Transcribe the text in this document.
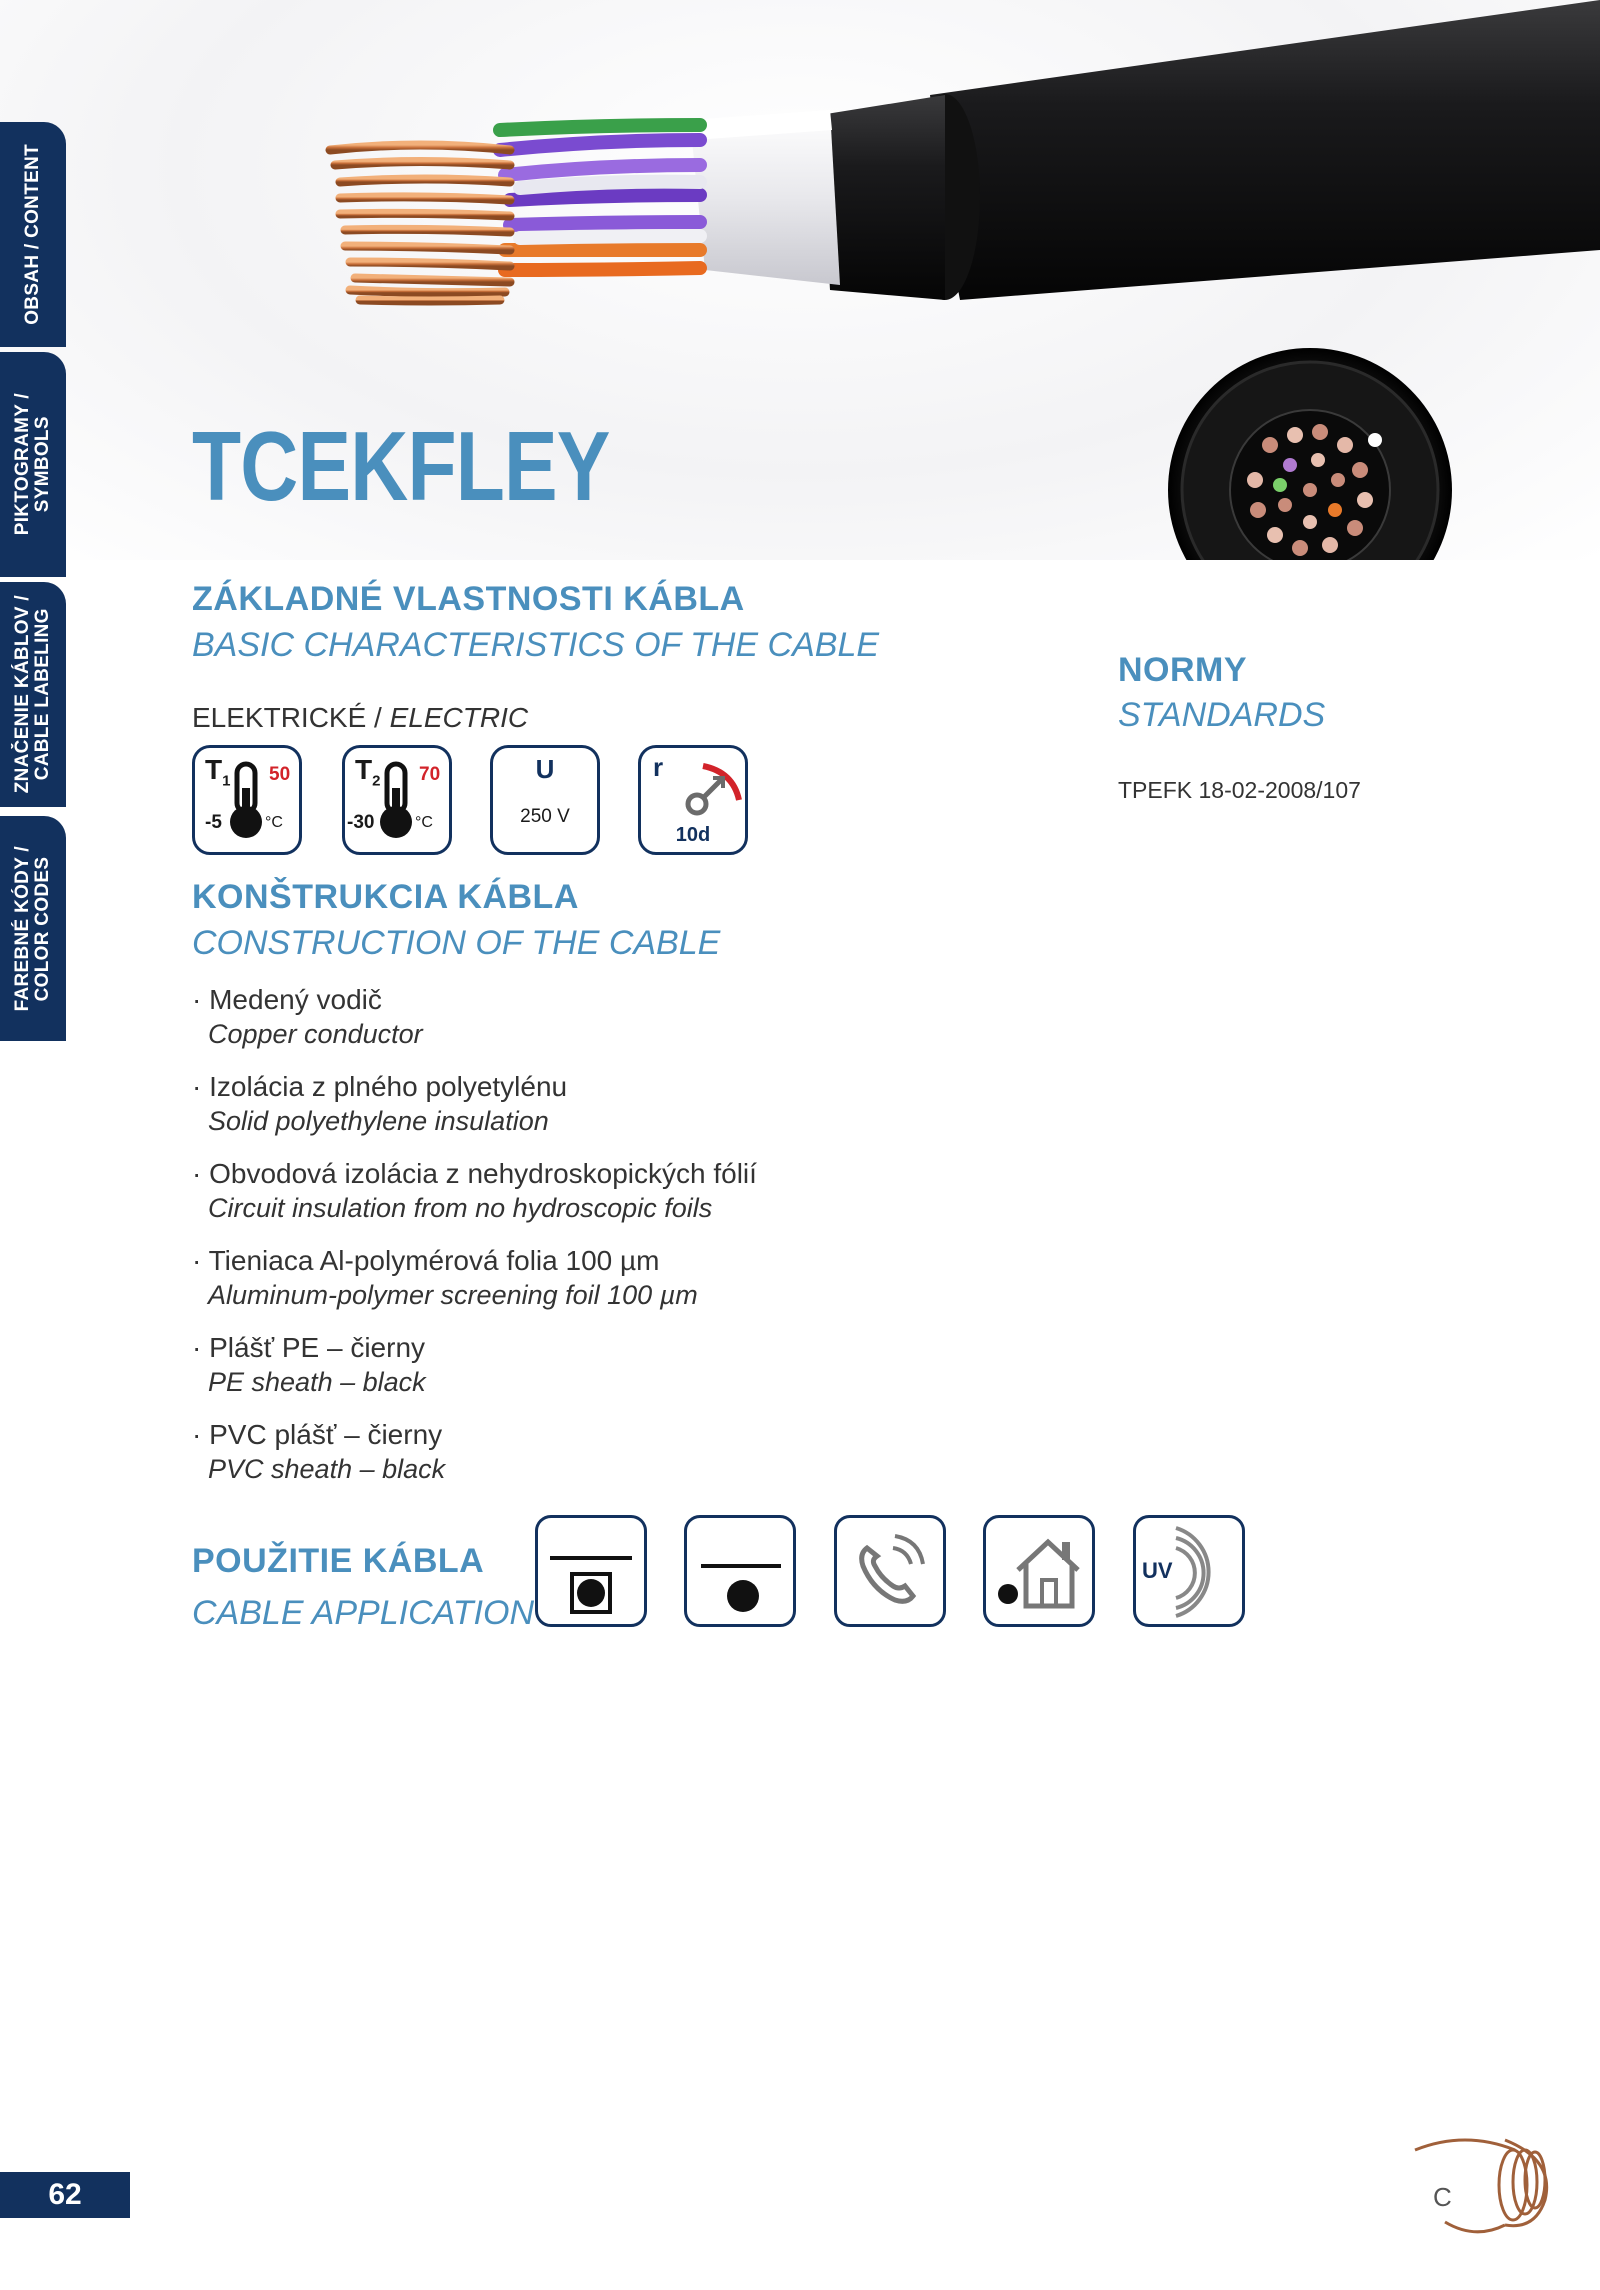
OBSAH / CONTENT
PIKTOGRAMY /
SYMBOLS
ZNAČENIE KÁBLOV /
CABLE LABELING
FAREBNÉ KÓDY /
COLOR CODES
TCEKFLEY
ZÁKLADNÉ VLASTNOSTI KÁBLA
BASIC CHARACTERISTICS OF THE CABLE
ELEKTRICKÉ / ELECTRIC
$T_1$ 50
-5	°C
$T_2$ 70
-30	°C
U
250 V
r
10d
KONŠTRUKCIA KÁBLA
CONSTRUCTION OF THE CABLE
· Medený vodič
Copper conductor
· Izolácia z plného polyetylénu
Solid polyethylene insulation
· Obvodová izolácia z nehydroskopických fólií
Circuit insulation from no hydroscopic foils
· Tieniaca Al-polymérová folia 100 µm
Aluminum-polymer screening foil 100 µm
· Plášť PE – čierny
PE sheath – black
· PVC plášť – čierny
PVC sheath – black
POUŽITIE KÁBLA
CABLE APPLICATION
UV
NORMY
STANDARDS
TPEFK 18-02-2008/107
62	C
